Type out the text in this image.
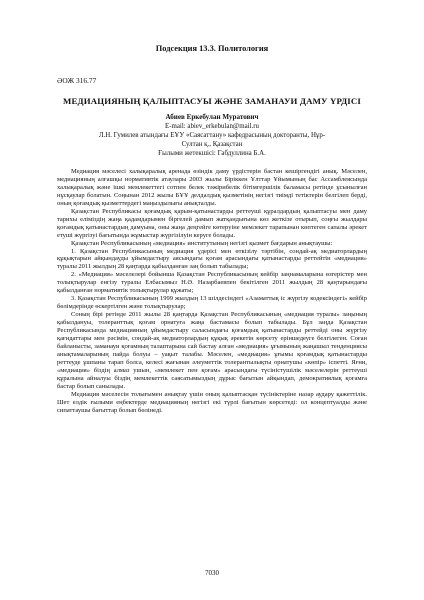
Подсекция 13.3. Политология
ӘОЖ 316.77
МЕДИАЦИЯНЫҢ ҚАЛЫПТАСУЫ ЖӘНЕ ЗАМАНАУИ ДАМУ ҮРДІСІ
Абиев Еркебулан Муратович
E-mail: abiev_erkebulan@mail.ru
Л.Н. Гумилев атындағы ЕҰУ «Саясаттану» кафедрасының докторанты, Нұр-
Султан қ., Қазақстан
Ғылыми жетекшісі: Габдуллина Б.А.

Медиация мәселесі халықаралық аренада өзіндік даму үрдістерін бастан кешіргендігі анық. Мәселен, медиацияның алғашқы нормативтік атаулары 2003 жылы Біріккен Ұлттар Ұйымының бас Ассамблеясында халықаралық және ішкі мемлекеттегі сотпен белек тәжірибелік бітімгершілік баламасы ретінде ұсынылған нұсқаулар болатын. Соңынан 2012 жылы БҰҰ делдалдық қызметінің негізгі тиімді тетіктерін белгілеп берді, оның қоғамдық қызметтердегі маңыздылығы анықталды.

Қазақстан Республикасы қоғамдық қарым-қатынастарды реттеуші құралдардың қалыптасуы мен даму тарихы еліміздің жаңа қадамдарымен біргелей дамып жатқандығына көз жеткізе отырып, соңғы жылдары қоғамдық қатынастардың дамуына, оны жаңа деңгейге көтеруіне мемлекет тарапынан көптеген сапалы әрекет етуші жүргізуі бағытында жұмыстар жүргізілуін керуге болады.

Қазақстан Республикасының «медиация» институтының негізгі қызмет бағдарын анықтаушы:

1. Қазақстан Республикасының медиация үдерісі мен өткізілу тәртібін, сондай-ақ медиаторлардың құқықтарын айқындауды ұйымдастыру аясындағы қоғам арасындағы қатынастарды реттейтін «медиация» туралы 2011 жылдың 28 қаңтарда қабылданған заң болып табылады;

2. «Медиация» мәселелері бойынша Қазақстан Республикасының кейбір заңнамаларына өзгерістер мен толықтырулар енгізу туралы Елбасымыз Н.Ә. Назарбаевпен бекітілген 2011 жылдың 28 қаңтарындағы қабылданған нормативтік толықтырулар құжаты;

3. Қазақстан Республикасының 1999 жылдың 13 шілдесіндегі «Азаматтық іс жүргізу кодексіндегі» кейбір бөлімдерінде өскертілген және толықтырулар;

Соның бірі ретінде 2011 жылы 28 қаңтарда Қазақстан Республикасының «медиация туралы» заңының қабылдануы, толеранттық қоғам орнатуға жаңа бастамасы болып табылады. Бұл заңда Қазақстан Республикасында медиацияның ұйымдастыру саласындағы қоғамдық қатынастарды реттейді оны жүргізу қағидаттары мен рәсімін, сондай-ақ медиаторлардың құқық әрекетін көрсету еріншедеуге белгілеген. Соған байланысты, заманауи қоғамның талаптарына сай бастау алған «медиация» ұғымының жаңашыл тенденциясы анықтамаларының пайда болуы – уақыт талабы. Мәселен, «медиация» ұғымы қоғамдық қатынастарды реттеуде ұшпаны тарап болса, келесі жағынан әлеуметтік толерантылықты орнатушы «көпір» іспетті. Яғни, «медиация» біздің алмаз ушын, «мемлекет пен қоғам» арасындағы түсіністушілік мәселелерін реттеуші құралына айналуы біздің мемлекеттік саясатымыздың дұрыс бағытын айқындап, демократиялық қоғамға бастар болып санылады.

Медиация мәселесін толығымен анықтау үшін оның қалыптасқан түсініктеріне назар аудару қажеттілік. Шет елдік ғылыми еңбектерде медиацияның негізгі екі түрлі бағытын көрсетеді: ол концептуалды және сипаттаушы бағыттар болып бөлінеді.

7030
